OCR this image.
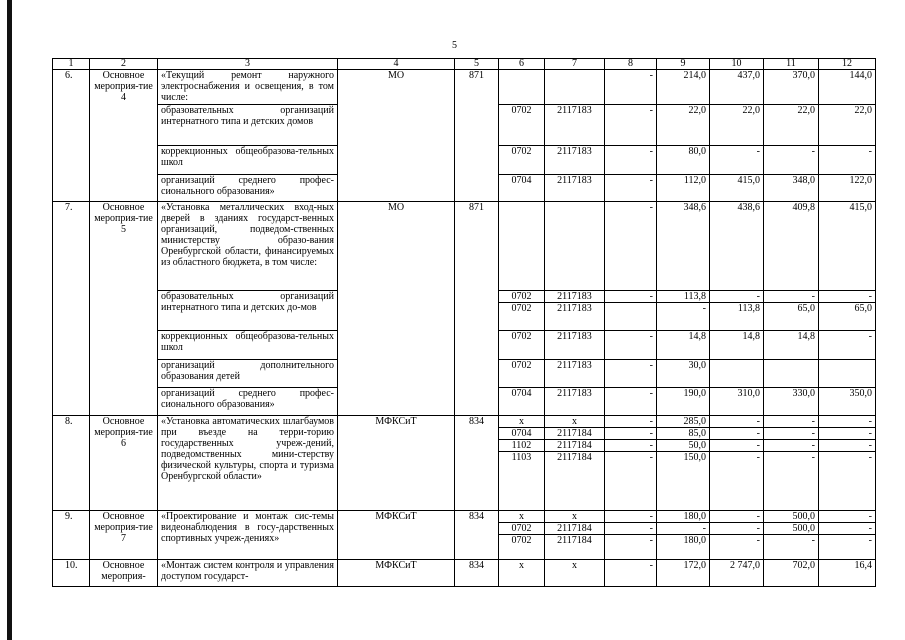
5
1	2	3	4	5	6	7	8	9	10	11	12
6.	Основное мероприя-тие 4	«Текущий ремонт наружного электроснабжения и освещения, в том числе:	МО	871			-	214,0	437,0	370,0	144,0
		образовательных организаций интернатного типа и детских домов			0702	2117183	-	22,0	22,0	22,0	22,0
		коррекционных общеобразова-тельных школ			0702	2117183	-	80,0	-	-	-
		организаций среднего профес-сионального образования»			0704	2117183	-	112,0	415,0	348,0	122,0
7.	Основное мероприя-тие 5	«Установка металлических вход-ных дверей в зданиях государст-венных организаций, подведом-ственных министерству образо-вания Оренбургской области, финансируемых из областного бюджета, в том числе:	МО	871			-	348,6	438,6	409,8	415,0
		образовательных организаций интернатного типа и детских до-мов			0702	2117183	-	113,8	-	-	-
					0702	2117183		-	113,8	65,0	65,0
		коррекционных общеобразова-тельных школ			0702	2117183	-	14,8	14,8	14,8	-
		организаций дополнительного образования детей			0702	2117183	-	30,0			
		организаций среднего профес-сионального образования»			0704	2117183	-	190,0	310,0	330,0	350,0
8.	Основное мероприя-тие 6	«Установка автоматических шлагбаумов при въезде на терри-торию государственных учреж-дений, подведомственных мини-стерству физической культуры, спорта и туризма Оренбургской области»	МФКСиТ	834	х	х	-	285,0	-	-	-
					0704	2117184	-	85,0	-	-	-
					1102	2117184	-	50,0	-	-	-
					1103	2117184	-	150,0	-	-	-
9.	Основное мероприя-тие 7	«Проектирование и монтаж сис-темы видеонаблюдения в госу-дарственных спортивных учреж-дениях»	МФКСиТ	834	х	х	-	180,0	-	500,0	-
					0702	2117184	-	-	-	500,0	-
					0702	2117184	-	180,0	-	-	-
10.	Основное мероприя-	«Монтаж систем контроля и управления доступом государст-	МФКСиТ	834	х	х	-	172,0	2 747,0	702,0	16,4
